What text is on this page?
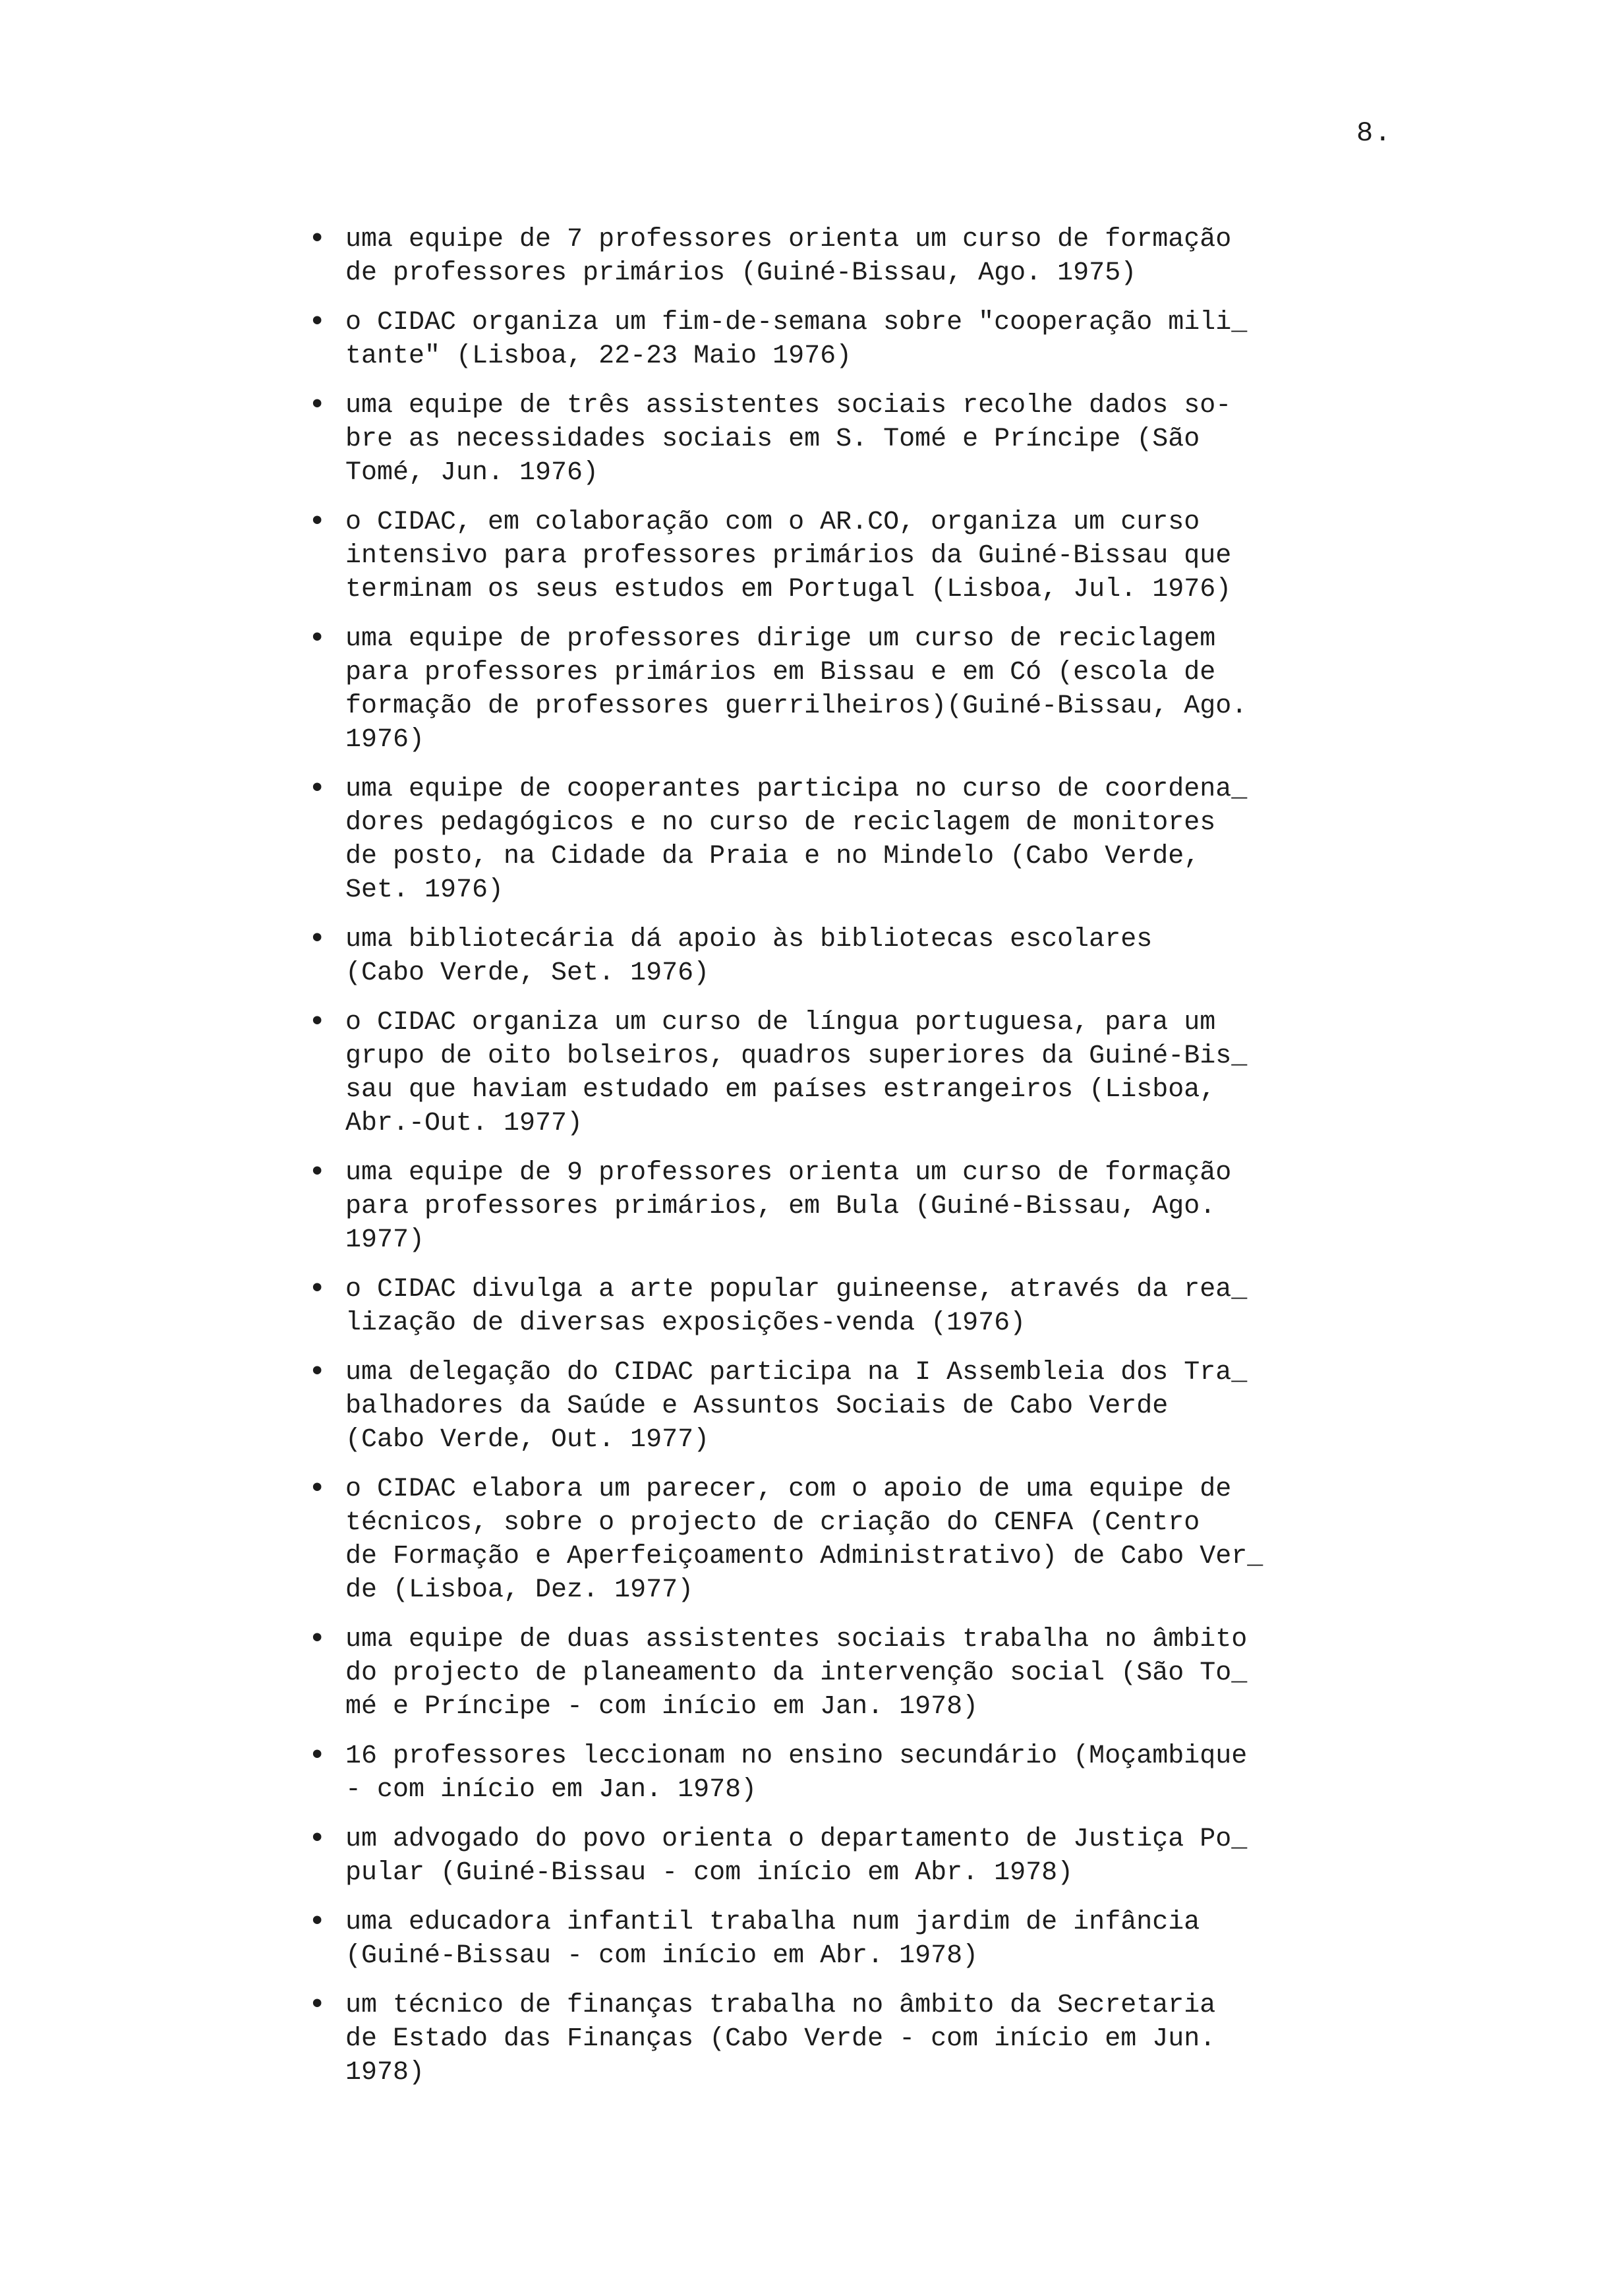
8.
• uma equipe de 7 professores orienta um curso de formação
de professores primários (Guiné-Bissau, Ago. 1975)
• o CIDAC organiza um fim-de-semana sobre "cooperação mili_
tante" (Lisboa, 22-23 Maio 1976)
• uma equipe de três assistentes sociais recolhe dados so-
bre as necessidades sociais em S. Tomé e Príncipe (São
Tomé, Jun. 1976)
• o CIDAC, em colaboração com o AR.CO, organiza um curso
intensivo para professores primários da Guiné-Bissau que
terminam os seus estudos em Portugal (Lisboa, Jul. 1976)
• uma equipe de professores dirige um curso de reciclagem
para professores primários em Bissau e em Có (escola de
formação de professores guerrilheiros)(Guiné-Bissau, Ago.
1976)
• uma equipe de cooperantes participa no curso de coordena_
dores pedagógicos e no curso de reciclagem de monitores
de posto, na Cidade da Praia e no Mindelo (Cabo Verde,
Set. 1976)
• uma bibliotecária dá apoio às bibliotecas escolares
(Cabo Verde, Set. 1976)
• o CIDAC organiza um curso de língua portuguesa, para um
grupo de oito bolseiros, quadros superiores da Guiné-Bis_
sau que haviam estudado em países estrangeiros (Lisboa,
Abr.-Out. 1977)
• uma equipe de 9 professores orienta um curso de formação
para professores primários, em Bula (Guiné-Bissau, Ago.
1977)
• o CIDAC divulga a arte popular guineense, através da rea_
lização de diversas exposições-venda (1976)
• uma delegação do CIDAC participa na I Assembleia dos Tra_
balhadores da Saúde e Assuntos Sociais de Cabo Verde
(Cabo Verde, Out. 1977)
• o CIDAC elabora um parecer, com o apoio de uma equipe de
técnicos, sobre o projecto de criação do CENFA (Centro
de Formação e Aperfeiçoamento Administrativo) de Cabo Ver_
de (Lisboa, Dez. 1977)
• uma equipe de duas assistentes sociais trabalha no âmbito
do projecto de planeamento da intervenção social (São To_
mé e Príncipe - com início em Jan. 1978)
• 16 professores leccionam no ensino secundário (Moçambique
- com início em Jan. 1978)
• um advogado do povo orienta o departamento de Justiça Po_
pular (Guiné-Bissau - com início em Abr. 1978)
• uma educadora infantil trabalha num jardim de infância
(Guiné-Bissau - com início em Abr. 1978)
• um técnico de finanças trabalha no âmbito da Secretaria
de Estado das Finanças (Cabo Verde - com início em Jun.
1978)
